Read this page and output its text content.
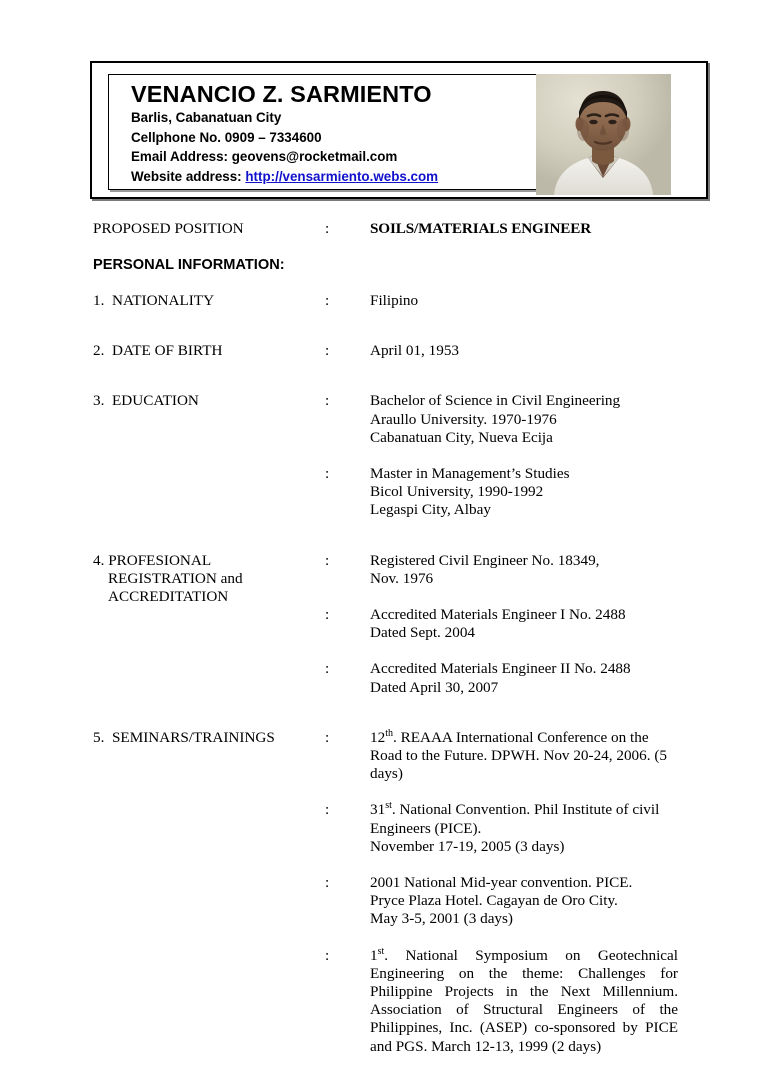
VENANCIO Z. SARMIENTO
Barlis, Cabanatuan City
Cellphone No. 0909 – 7334600
Email Address: geovens@rocketmail.com
Website address: http://vensarmiento.webs.com
PROPOSED POSITION	:	SOILS/MATERIALS ENGINEER
PERSONAL INFORMATION:
1.  NATIONALITY	:	Filipino
2.  DATE OF BIRTH	:	April 01, 1953
3.  EDUCATION	:	Bachelor of Science in Civil Engineering
Araullo University. 1970-1976
Cabanatuan City, Nueva Ecija
:	Master in Management’s Studies
Bicol University, 1990-1992
Legaspi City, Albay
4. PROFESIONAL
REGISTRATION and
ACCREDITATION
:	Registered Civil Engineer No. 18349,
Nov. 1976
:	Accredited Materials Engineer I No. 2488
Dated Sept. 2004
:	Accredited Materials Engineer II No. 2488
Dated April 30, 2007
5.  SEMINARS/TRAININGS	:	12th. REAAA International Conference on the
Road to the Future. DPWH. Nov 20-24, 2006. (5
days)
:	31st. National Convention. Phil Institute of civil
Engineers (PICE).
November 17-19, 2005 (3 days)
:	2001 National Mid-year convention. PICE.
Pryce Plaza Hotel. Cagayan de Oro City.
May 3-5, 2001 (3 days)
:	1st. National Symposium on Geotechnical Engineering on the theme: Challenges for Philippine Projects in the Next Millennium. Association of Structural Engineers of the Philippines, Inc. (ASEP) co-sponsored by PICE and PGS. March 12-13, 1999 (2 days)
